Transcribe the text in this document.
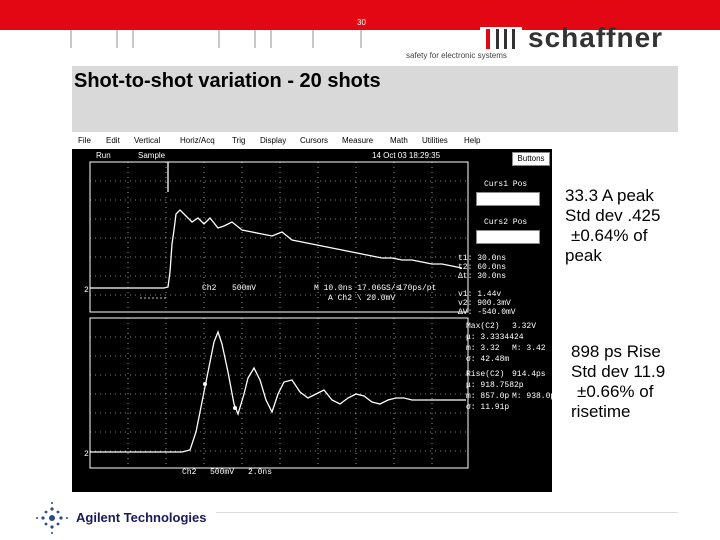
30	schaffner
safety for electronic systems
Shot-to-shot variation - 20 shots
File Edit Vertical Horiz/Acq Trig Display Cursors Measure Math Utilities Help
Run	Sample	14 Oct 03 18:29:35
2
2
Buttons
Curs1 Pos
Curs2 Pos
t1: 30.0ns
t2: 60.0ns
Δt: 30.0ns
v1: 1.44v
v2: 900.3mV
ΔV: -540.0mV
Ch2 500mV	M 10.0ns 17.06GS/s
170ps/pt
A Ch2 \ 20.0mV
Max(C2) 3.32V
μ: 3.3334424
m: 3.32 M: 3.42
σ: 42.48m
Rise(C2) 914.4ps
μ: 918.7582p
m: 857.0p M: 938.0p
σ: 11.91p
Ch2 500mV 2.0ns
33.3 A peak
Std dev .425
±0.64% of
peak
898 ps Rise
Std dev 11.9
±0.66% of
risetime
Agilent Technologies
